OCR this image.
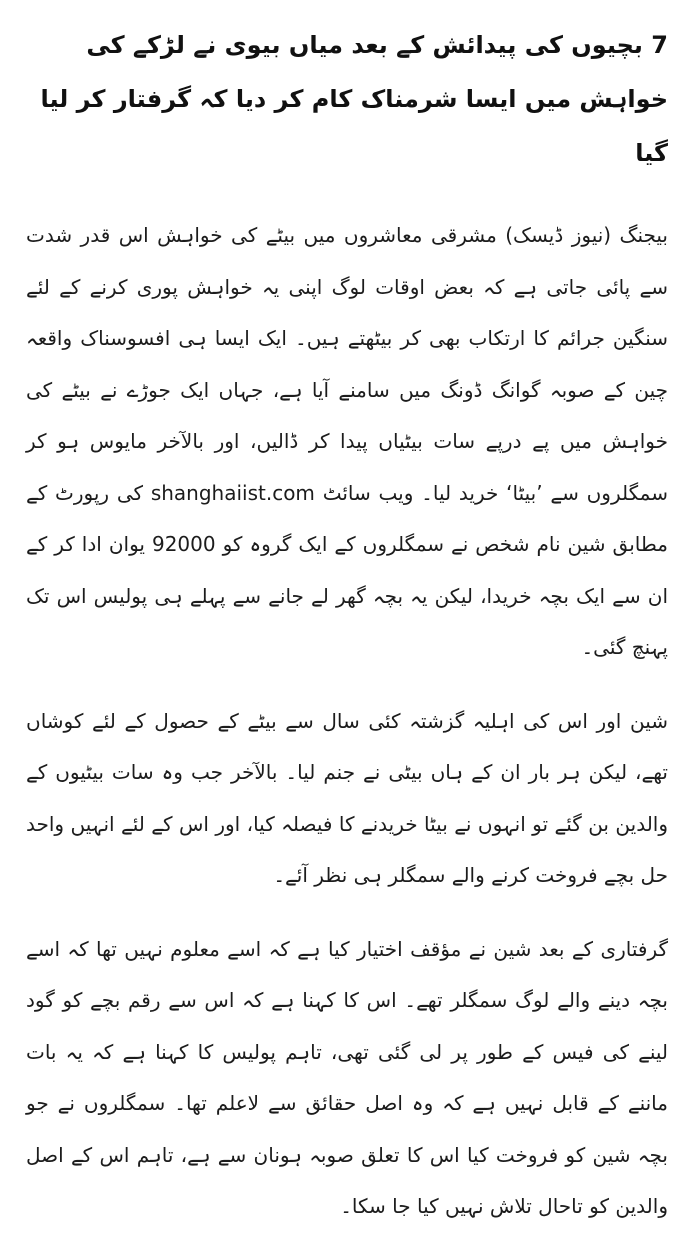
7 بچیوں کی پیدائش کے بعد میاں بیوی نے لڑکے کی خواہش میں ایسا شرمناک کام کر دیا کہ گرفتار کر لیا گیا

بیجنگ (نیوز ڈیسک) مشرقی معاشروں میں بیٹے کی خواہش اس قدر شدت سے پائی جاتی ہے کہ بعض اوقات لوگ اپنی یہ خواہش پوری کرنے کے لئے سنگین جرائم کا ارتکاب بھی کر بیٹھتے ہیں۔ ایک ایسا ہی افسوسناک واقعہ چین کے صوبہ گوانگ ڈونگ میں سامنے آیا ہے، جہاں ایک جوڑے نے بیٹے کی خواہش میں پے درپے سات بیٹیاں پیدا کر ڈالیں، اور بالآخر مایوس ہو کر سمگلروں سے ’بیٹا‘ خرید لیا۔ ویب سائٹ shanghaiist.com کی رپورٹ کے مطابق شین نام شخص نے سمگلروں کے ایک گروہ کو 92000 یوان ادا کر کے ان سے ایک بچہ خریدا، لیکن یہ بچہ گھر لے جانے سے پہلے ہی پولیس اس تک پہنچ گئی۔

شین اور اس کی اہلیہ گزشتہ کئی سال سے بیٹے کے حصول کے لئے کوشاں تھے، لیکن ہر بار ان کے ہاں بیٹی نے جنم لیا۔ بالآخر جب وہ سات بیٹیوں کے والدین بن گئے تو انہوں نے بیٹا خریدنے کا فیصلہ کیا، اور اس کے لئے انہیں واحد حل بچے فروخت کرنے والے سمگلر ہی نظر آئے۔

گرفتاری کے بعد شین نے مؤقف اختیار کیا ہے کہ اسے معلوم نہیں تھا کہ اسے بچہ دینے والے لوگ سمگلر تھے۔ اس کا کہنا ہے کہ اس سے رقم بچے کو گود لینے کی فیس کے طور پر لی گئی تھی، تاہم پولیس کا کہنا ہے کہ یہ بات ماننے کے قابل نہیں ہے کہ وہ اصل حقائق سے لاعلم تھا۔ سمگلروں نے جو بچہ شین کو فروخت کیا اس کا تعلق صوبہ ہونان سے ہے، تاہم اس کے اصل والدین کو تاحال تلاش نہیں کیا جا سکا۔
